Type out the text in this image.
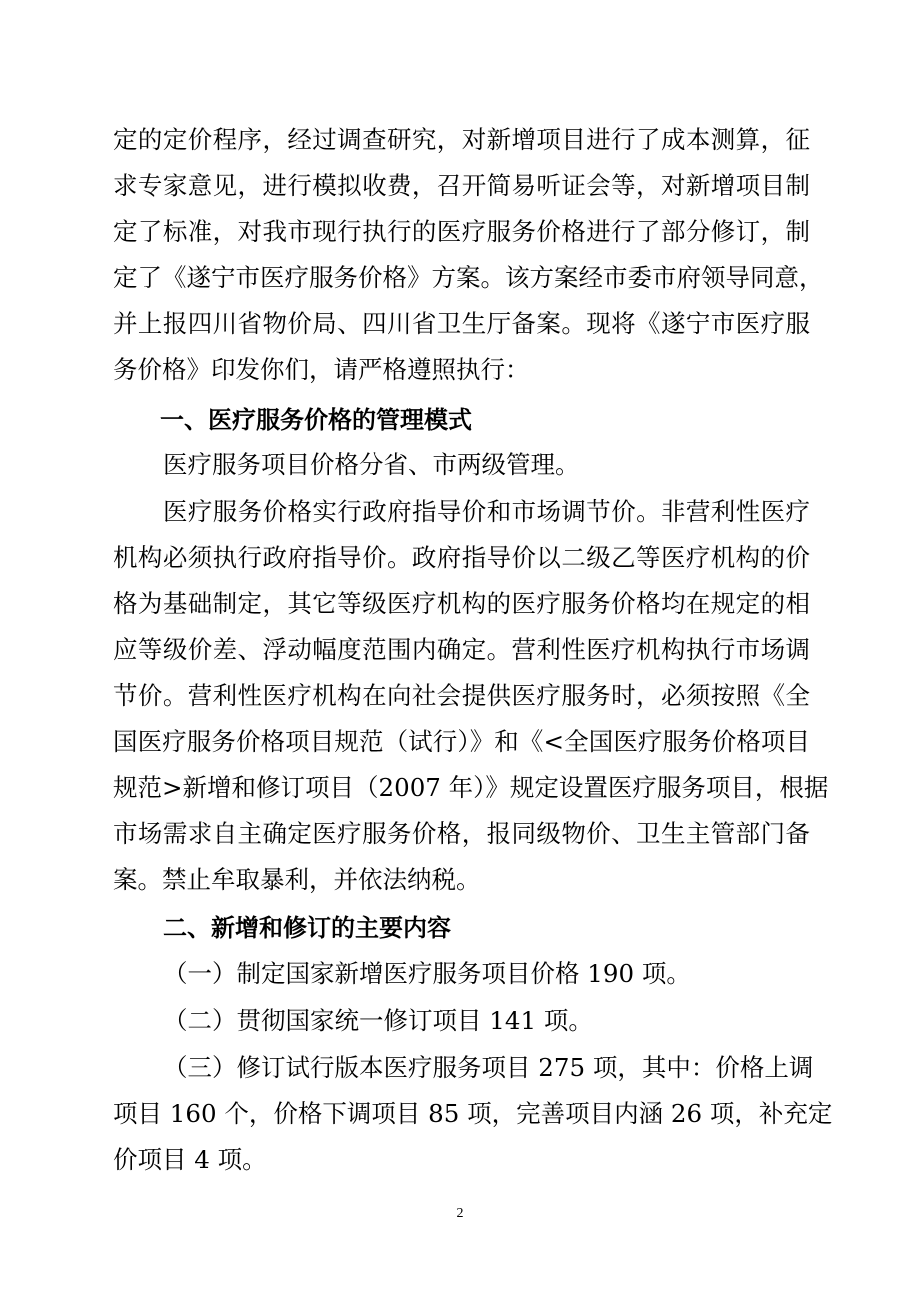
定的定价程序，经过调查研究，对新增项目进行了成本测算，征
求专家意见，进行模拟收费，召开简易听证会等，对新增项目制
定了标准，对我市现行执行的医疗服务价格进行了部分修订，制
定了《遂宁市医疗服务价格》方案。该方案经市委市府领导同意，
并上报四川省物价局、四川省卫生厅备案。现将《遂宁市医疗服
务价格》印发你们，请严格遵照执行：
一、医疗服务价格的管理模式
医疗服务项目价格分省、市两级管理。
医疗服务价格实行政府指导价和市场调节价。非营利性医疗
机构必须执行政府指导价。政府指导价以二级乙等医疗机构的价
格为基础制定，其它等级医疗机构的医疗服务价格均在规定的相
应等级价差、浮动幅度范围内确定。营利性医疗机构执行市场调
节价。营利性医疗机构在向社会提供医疗服务时，必须按照《全
国医疗服务价格项目规范（试行）》和《<全国医疗服务价格项目
规范>新增和修订项目（2007 年）》规定设置医疗服务项目，根据
市场需求自主确定医疗服务价格，报同级物价、卫生主管部门备
案。禁止牟取暴利，并依法纳税。
二、新增和修订的主要内容
（一）制定国家新增医疗服务项目价格 190 项。
（二）贯彻国家统一修订项目 141 项。
（三）修订试行版本医疗服务项目 275 项，其中：价格上调
项目 160 个，价格下调项目 85 项，完善项目内涵 26 项，补充定
价项目 4 项。
2
